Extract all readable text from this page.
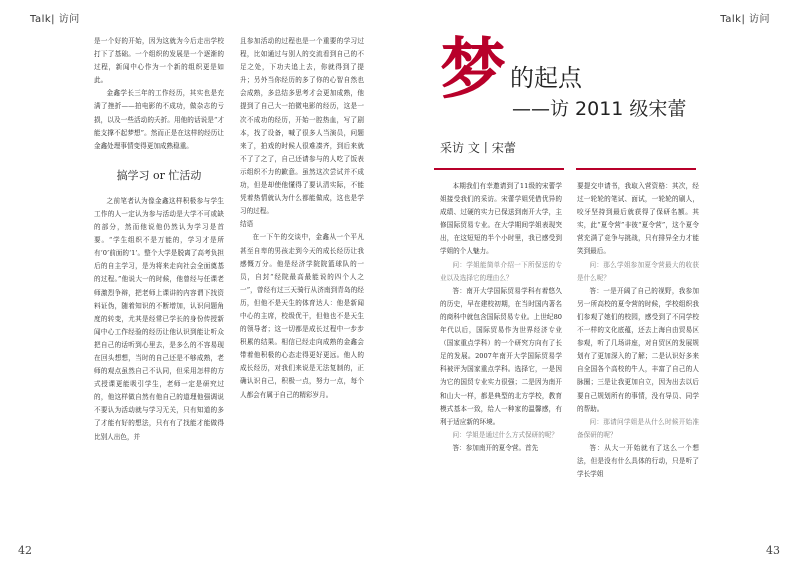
Talk| 访问

是一个好的开始，因为这就为今后走出学校打下了基础。一个组织的发展是一个逐渐的过程，新闻中心作为一个新的组织更是如此。

金鑫学长三年的工作经历，其实也是充满了挫折——拍电影的不成功，做杂志的亏损，以及一些活动的夭折。用他的话说是“才能支撑不起梦想”。然而正是在这样的经历让金鑫处理事情变得更加成熟稳重。

搞学习 or 忙活动

之前笔者认为像金鑫这样积极参与学生工作的人一定认为参与活动是大学不可或缺的部分，然而他说他仍然认为学习是首要。“学生组织不是万能的，学习才是所有‘0’前面的‘1’。整个大学是脱离了高考负担后的自主学习，是为将来走向社会全面奠基的过程。”他说大一的时候，他曾经与任课老师激烈争辩，把老师上课讲的内容谓下找资料证伪，随着知识的不断增加，认识问题角度的转变，尤其是经常已学长的身份传授新闻中心工作经验的经历让他认识到能让听众把自己的话听到心里去，是多么的不容易现在回头想想，当时的自己还是不够成熟，老师的观点虽然自己不认同，但采用怎样的方式授课更能吸引学生，老师一定是研究过的，他这样做自然有他自己的道理他强调说不要认为活动就与学习无关，只有知道的多了才能有好的想法，只有有了找能才能做得比别人出色，并

且参加活动的过程也是一个重要的学习过程，比如通过与别人的交流看到自己的不足之处，下功夫追上去，你就得到了提升；另外当你经历的多了你的心智自然也会成熟，多总结多思考才会更加成熟，他提到了自己大一拍微电影的经历，这是一次不成功的经历，开始一腔热血，写了剧本，找了设备，喊了很多人当演员，问题来了，拍戏的时候人很难凑齐，到后来就不了了之了，自己还请参与的人吃了饭表示组织不力的歉意。虽然这次尝试并不成功，但是却使他懂得了要认清实际，不能凭着热情就认为什么都能做成，这也是学习的过程。

结语

在一下午的交谈中，金鑫从一个平凡甚至自卑的男孩走到今天的成长经历让我感慨万分。他是经济学院院篮球队的一员，自封“经院最高最能说的四个人之一”，曾经有过三天骑行从济南到青岛的经历，但他不是天生的体育达人：他是新闻中心的主席，校级优干，但他也不是天生的领导者；这一切都是成长过程中一步步积累的结果。相信已经走向成熟的金鑫会带着他积极的心态走得更好更远。他人的成长经历，对我们来说是无法复制的，正确认识自己，积极一点，努力一点，每个人都会有属于自己的精彩岁月。

42
Talk| 访问
43
梦 的起点
——访 2011 级宋蕾
采访 文丨宋蕾

本期我们有幸邀请到了11级的宋蕾学姐接受我们的采访。宋蕾学姐凭借优异的成绩、过硬的实力已保送到南开大学，主修国际贸易专业。在大学期间学姐表现突出，在这短短的半个小时里，我已感受到学姐的个人魅力。

问：学姐能简单介绍一下所保送的专业以及选择它的理由么？

答：南开大学国际贸易学科有着悠久的历史，早在建校初期，在当时国内著名的商科中就包含国际贸易专业。上世纪80年代以后，国际贸易作为世界经济专业（国家重点学科）的一个研究方向有了长足的发展。2007年南开大学国际贸易学科被评为国家重点学科。选择它，一是因为它的国贸专业实力很强；二是因为南开和山大一样，都是典型的北方学校，教育模式基本一致，给人一种家的温馨感，有利于适应新的环境。

问：学姐是通过什么方式保研的呢？

答：参加南开的夏令营。首先

要提交申请书，我取入营资格：其次，经过一轮轮的笔试、面试，一轮轮的刷人，咬牙坚持到最后就获得了保研名额。其实，此“夏令营”非彼“夏令营”，这个夏令营充满了竞争与挑战，只有排异全力才能笑到最后。

问：那么学姐参加夏令营最大的收获是什么呢？

答：一是开阔了自己的视野，我参加另一所高校的夏令营的时候，学校组织我们参观了她们的校园，感受到了不同学校不一样的文化底蕴，还去上海自由贸易区参观，听了几场讲座，对自贸区的发展规划有了更加深入的了解；二是认识好多来自全国各个高校的牛人，丰富了自己的人脉圈；三是让我更加自立，因为出去以后要自己规划所有的事情，没有导员、同学的帮助。

问：那请问学姐是从什么时候开始准备保研的呢？

答：从大一开始就有了这么一个想法，但是没有什么具体的行动，只是听了学长学姐
